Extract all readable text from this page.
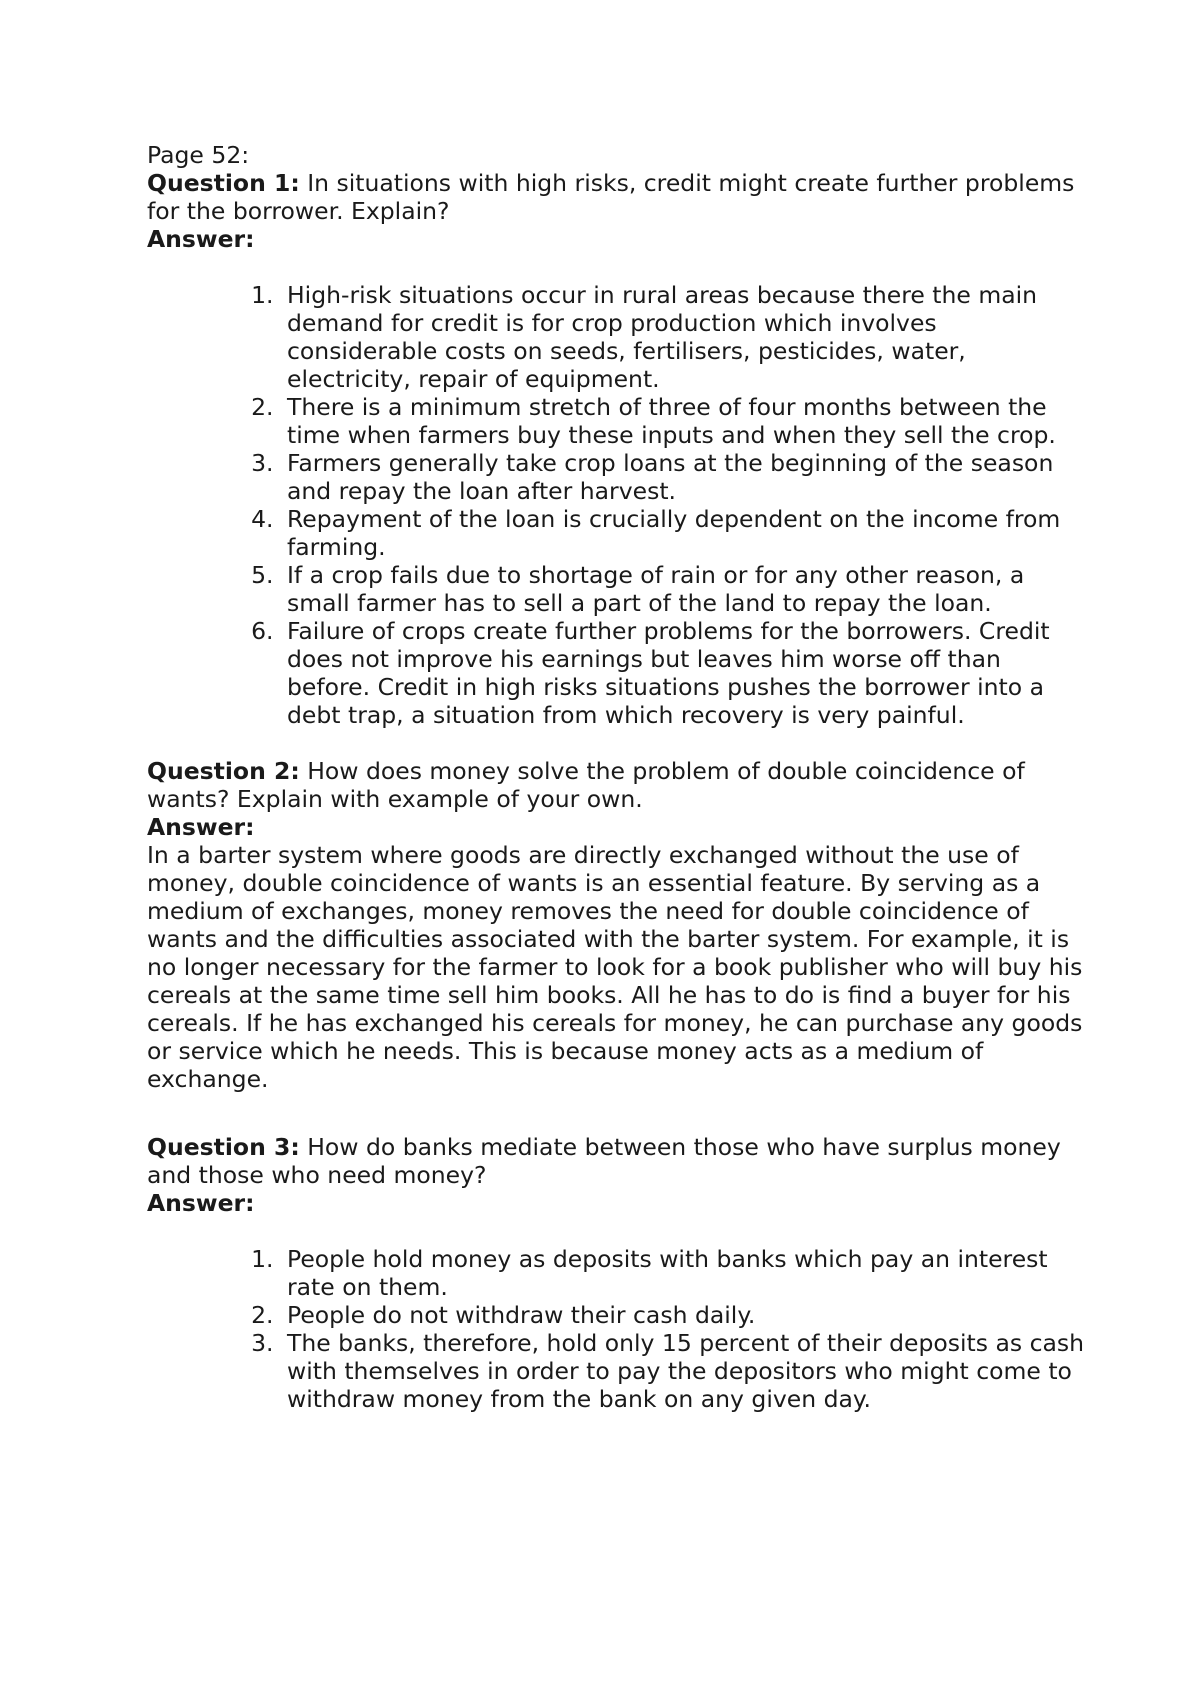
Page 52:

Question 1: In situations with high risks, credit might create further problems for the borrower. Explain?

Answer:

1. High-risk situations occur in rural areas because there the main demand for credit is for crop production which involves considerable costs on seeds, fertilisers, pesticides, water, electricity, repair of equipment.
2. There is a minimum stretch of three of four months between the time when farmers buy these inputs and when they sell the crop.
3. Farmers generally take crop loans at the beginning of the season and repay the loan after harvest.
4. Repayment of the loan is crucially dependent on the income from farming.
5. If a crop fails due to shortage of rain or for any other reason, a small farmer has to sell a part of the land to repay the loan.
6. Failure of crops create further problems for the borrowers. Credit does not improve his earnings but leaves him worse off than before. Credit in high risks situations pushes the borrower into a debt trap, a situation from which recovery is very painful.

Question 2: How does money solve the problem of double coincidence of wants? Explain with example of your own.

Answer:

In a barter system where goods are directly exchanged without the use of money, double coincidence of wants is an essential feature. By serving as a medium of exchanges, money removes the need for double coincidence of wants and the difficulties associated with the barter system. For example, it is no longer necessary for the farmer to look for a book publisher who will buy his cereals at the same time sell him books. All he has to do is find a buyer for his cereals. If he has exchanged his cereals for money, he can purchase any goods or service which he needs. This is because money acts as a medium of exchange.

Question 3: How do banks mediate between those who have surplus money and those who need money?

Answer:

1. People hold money as deposits with banks which pay an interest rate on them.
2. People do not withdraw their cash daily.
3. The banks, therefore, hold only 15 percent of their deposits as cash with themselves in order to pay the depositors who might come to withdraw money from the bank on any given day.
